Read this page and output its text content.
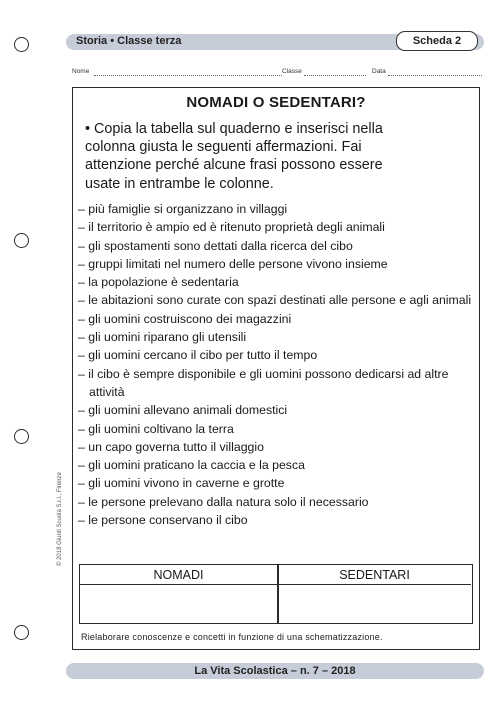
Storia • Classe terza	Scheda 2
Nome	Classe	Data
NOMADI O SEDENTARI?
• Copia la tabella sul quaderno e inserisci nella colonna giusta le seguenti affermazioni. Fai attenzione perché alcune frasi possono essere usate in entrambe le colonne.
– più famiglie si organizzano in villaggi
– il territorio è ampio ed è ritenuto proprietà degli animali
– gli spostamenti sono dettati dalla ricerca del cibo
– gruppi limitati nel numero delle persone vivono insieme
– la popolazione è sedentaria
– le abitazioni sono curate con spazi destinati alle persone e agli animali
– gli uomini costruiscono dei magazzini
– gli uomini riparano gli utensili
– gli uomini cercano il cibo per tutto il tempo
– il cibo è sempre disponibile e gli uomini possono dedicarsi ad altre attività
– gli uomini allevano animali domestici
– gli uomini coltivano la terra
– un capo governa tutto il villaggio
– gli uomini praticano la caccia e la pesca
– gli uomini vivono in caverne e grotte
– le persone prelevano dalla natura solo il necessario
– le persone conservano il cibo
NOMADI	SEDENTARI
Rielaborare conoscenze e concetti in funzione di una schematizzazione.
© 2018 Giunti Scuola S.r.l., Firenze
La Vita Scolastica – n. 7 – 2018
